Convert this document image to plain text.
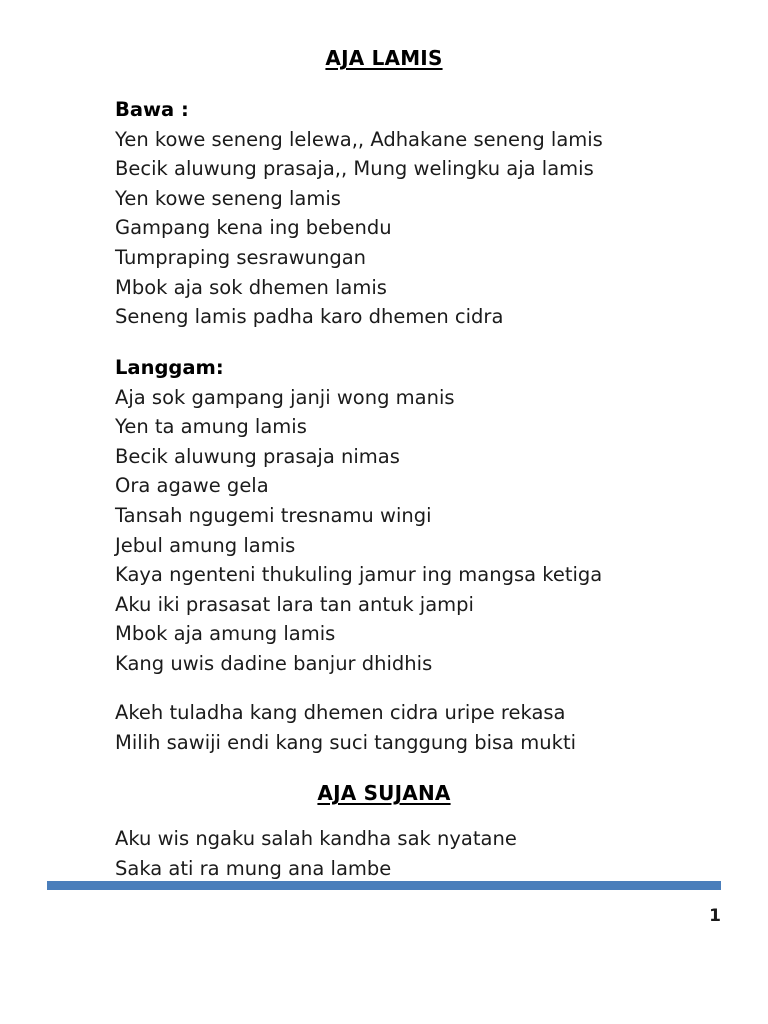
AJA LAMIS
Bawa :
Yen kowe seneng lelewa,, Adhakane seneng lamis
Becik aluwung prasaja,, Mung welingku aja lamis
Yen kowe seneng lamis
Gampang kena ing bebendu
Tumpraping sesrawungan
Mbok aja sok dhemen lamis
Seneng lamis padha karo dhemen cidra
Langgam:
Aja sok gampang janji wong manis
Yen ta amung lamis
Becik aluwung prasaja nimas
Ora agawe gela
Tansah ngugemi tresnamu wingi
Jebul amung lamis
Kaya ngenteni thukuling jamur ing mangsa ketiga
Aku iki prasasat lara tan antuk jampi
Mbok aja amung lamis
Kang uwis dadine banjur dhidhis
Akeh tuladha kang dhemen cidra uripe rekasa
Milih sawiji endi kang suci tanggung bisa mukti
AJA SUJANA
Aku wis ngaku salah kandha sak nyatane
Saka ati ra mung ana lambe
1
